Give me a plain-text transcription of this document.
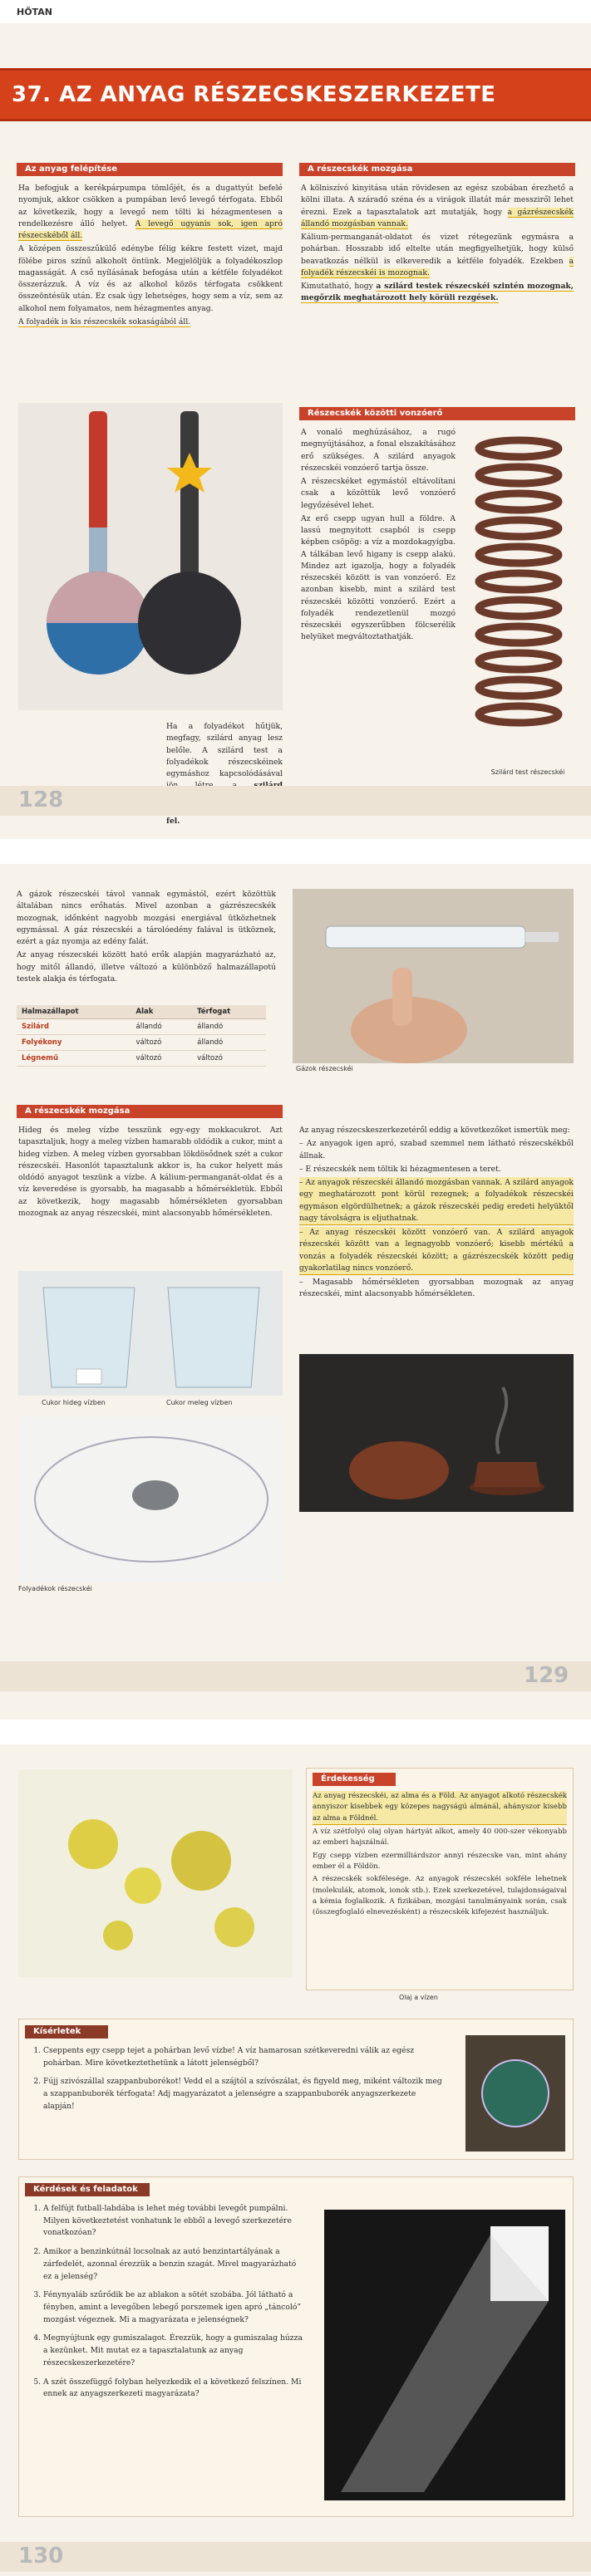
HŐTAN
37. AZ ANYAG RÉSZECSKESZERKEZETE
Az anyag felépítése

Ha befogjuk a kerékpárpumpa tömlőjét, és a dugattyút befelé nyomjuk, akkor csökken a pumpában levő levegő térfogata. Ebből az következik, hogy a levegő nem tölti ki hézagmentesen a rendelkezésre álló helyet. A levegő ugyanis sok, igen apró részecskéből áll.

A középen összeszűkülő edénybe félig kékre festett vizet, majd fölébe piros színű alkoholt öntünk. Megjelöljük a folyadékoszlop magasságát. A cső nyílásának befogása után a kétféle folyadékot összerázzuk. A víz és az alkohol közös térfogata csökkent összeöntésük után. Ez csak úgy lehetséges, hogy sem a víz, sem az alkohol nem folyamatos, nem hézagmentes anyag.

A folyadék is kis részecskék sokaságából áll.

Ha a folyadékot hűtjük, megfagy, szilárd anyag lesz belőle. A szilárd test a folyadékok részecskéinek egymáshoz kapcsolódásával fel.

A részecskék mozgása

A kölniszívó kinyitása után rövidesen az egész szobában érezhető a kölni illata. A száradó széna és a virágok illatát már messziről lehet érezni. Ezek a tapasztalatok azt mutatják, hogy a gázrészecskék állandó mozgásban vannak.

Kálium-permanganát-oldatot és vizet rétegezünk egymásra a pohárban. Hosszabb idő eltelte után megfigyelhetjük, hogy külső beavatkozás nélkül is elkeveredik a kétféle folyadék. Ezekben a folyadék részecskéi is mozognak.

Kimutatható, hogy a szilárd testek részecskéi szintén mozognak, megőrzik meghatározott hely körüli rezgések.

Részecskék közötti vonzóerő

A vonaló meghúzásához, a rugó megnyújtásához, a fonal elszakításához erő szükséges. A szilárd anyagok részecskéi vonzóerő tartja össze.

A részecskéket egymástól eltávolítani csak a közöttük levő vonzóerő legyőzésével lehet.

Az erő csepp ugyan hull a földre. A lassú megnyitott csapból is csepp képben csöpög: a víz a mozdokagyígba. A tálkában levő higany is csepp alakú. Mindez azt igazolja, hogy a folyadék részecskéi között is van vonzóerő. Ez azonban kisebb, mint a szilárd test részecskéi közötti vonzóerő. Ezért a folyadék rendezetlenül mozgó részecskéi egyszerűbben fölcserélik helyüket megváltoztathatják.

Szilárd test részecskéi
128

A gázok részecskéi távol vannak egymástól, ezért közöttük általában nincs erőhatás. Mivel azonban a gázrészecskék mozognak, időnként nagyobb mozgási energiával ütközhetnek egymással. A gáz részecskéi a tárolóedény falával is ütköznek, ezért a gáz nyomja az edény falát.

Az anyag részecskéi között ható erők alapján magyarázható az, hogy mitől állandó, illetve változó a különböző halmazállapotú testek alakja és térfogata.

Halmazállapot	Alak	Térfogat
Szilárd	állandó	állandó
Folyékony	változó	állandó
Légnemű	változó	változó
Gázok részecskéi
A részecskék mozgása

Hideg és meleg vízbe tesszünk egy-egy mokkacukrot. Azt tapasztaljuk, hogy a meleg vízben hamarabb oldódik a cukor, mint a hideg vízben. A meleg vízben gyorsabban lökdösődnek szét a cukor részecskéi. Hasonlót tapasztalunk akkor is, ha cukor helyett más oldódó anyagot teszünk a vízbe. A kálium-permanganát-oldat és a víz keveredése is gyorsabb, ha magasabb a hőmérsékletük. Ebből az következik, hogy magasabb hőmérsékleten gyorsabban mozognak az anyag részecskéi, mint alacsonyabb hőmérsékleten.

Cukor hideg vízben	Cukor meleg vízben
Folyadékok részecskéi

Az anyag részecskeszerkezetéről eddig a következőket ismertük meg:

– Az anyagok igen apró, szabad szemmel nem látható részecskékből állnak.

– E részecskék nem töltik ki hézagmentesen a teret.

– Az anyagok részecskéi állandó mozgásban vannak. A szilárd anyagok egy meghatározott pont körül rezegnek; a folyadékok részecskéi egymáson elgördülhetnek; a gázok részecskéi pedig eredeti helyüktől nagy távolságra is eljuthatnak.

– Az anyag részecskéi között vonzóerő van. A szilárd anyagok részecskéi között van a legnagyobb vonzóerő; kisebb mértékű a vonzás a folyadék részecskéi között; a gázrészecskék között pedig gyakorlatilag nincs vonzóerő.

– Magasabb hőmérsékleten gyorsabban mozognak az anyag részecskéi, mint alacsonyabb hőmérsékleten.

129
Érdekesség

Az anyag részecskéi, az alma és a Föld. Az anyagot alkotó részecskék annyiszor kisebbek egy közepes nagyságú almánál, ahányszor kisebb az alma a Földnél.

A víz szétfolyó olaj olyan hártyát alkot, amely 40 000-szer vékonyabb az emberi hajszálnál.

Egy csepp vízben ezermilliárdszor annyi részecske van, mint ahány ember él a Földön.

A részecskék sokfélesége. Az anyagok részecskéi sokféle lehetnek (molekulák, atomok, ionok stb.). Ezek szerkezetével, tulajdonságaival a kémia foglalkozik. A fizikában, mozgási tanulmányaink során, csak (összegfoglaló elnevezésként) a részecskék kifejezést használjuk.

Olaj a vízen
Kísérletek
1. Cseppents egy csepp tejet a pohárban levő vízbe! A víz hamarosan szétkeveredni válik az egész pohárban. Mire következtethetünk a látott jelenségből?
2. Fújj szivószállal szappanbuborékot! Vedd el a szájtól a szívószálat, és figyeld meg, miként változik meg a szappanbuborék térfogata! Adj magyarázatot a jelenségre a szappanbuborék anyagszerkezete alapján!
Kérdések és feladatok
1. A felfújt futball-labdába is lehet még további levegőt pumpálni. Milyen következtetést vonhatunk le ebből a levegő szerkezetére vonatkozóan?
2. Amikor a benzinkútnál locsolnak az autó benzintartályának a zárfedelét, azonnal érezzük a benzin szagát. Mivel magyarázható ez a jelenség?
3. Fénynyaláb szűrődik be az ablakon a sötét szobába. Jól látható a fényben, amint a levegőben lebegő porszemek igen apró „táncoló” mozgást végeznek. Mi a magyarázata e jelenségnek?
4. Megnyújtunk egy gumiszalagot. Érezzük, hogy a gumiszalag húzza a kezünket. Mit mutat ez a tapasztalatunk az anyag részecskeszerkezetére?
5. A szét összefüggő folyban helyezkedik el a következő felszínen. Mi ennek az anyagszerkezeti magyarázata?
130
